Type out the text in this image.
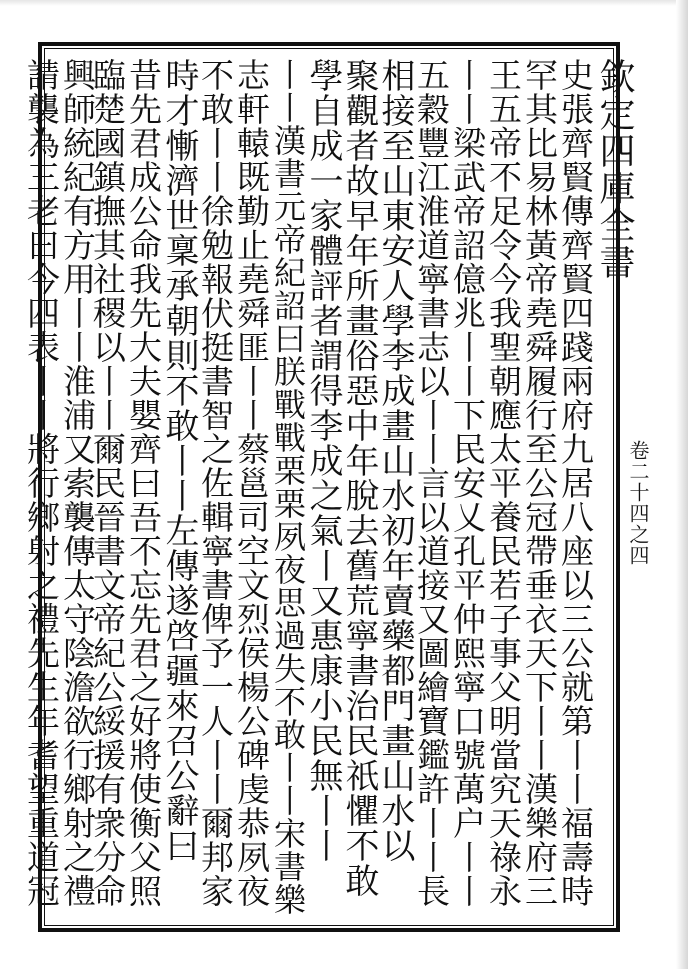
欽定四庫全書
卷二十四之四
史張齊賢傳齊賢四踐兩府九居八座以三公就第丨丨福壽時
罕其比易林黃帝堯舜履行至公冠帶垂衣天下丨丨漢樂府三
王五帝不足令今我聖朝應太平養民若子事父明當究天祿永
丨丨梁武帝詔億兆丨丨下民安乂孔平仲熙寧口號萬户丨丨
五穀豐江淮道寧書志以丨丨言以道接又圖繪寶鑑許丨丨長
相接至山東安人學李成畫山水初年賣藥都門畫山水以
聚觀者故早年所畫俗惡中年脫去舊荒寧書治民祇懼不敢
學自成一家體評者謂得李成之氣丨又惠康小民無丨丨
丨丨漢書元帝紀詔曰朕戰戰栗栗夙夜思過失不敢丨丨宋書樂
志軒轅既勤止堯舜匪丨丨蔡邕司空文烈侯楊公碑虔恭夙夜
不敢丨丨徐勉報伏挺書智之佐輯寧書俾予一人丨丨爾邦家
時才慚濟世稟承朝則不敢丨丨左傳遂啓疆來召公辭曰
昔先君成公命我先大夫嬰齊曰吾不忘先君之好將使衡父照
臨楚國鎮撫其社稷以丨丨爾民晉書文帝紀公綏援有衆分命
興師統紀有方用丨丨淮浦又索襲傳太守陰澹欲行鄉射之禮
請襲為三老曰今四表丨丨將行鄉射之禮先生年耆望重道冠
